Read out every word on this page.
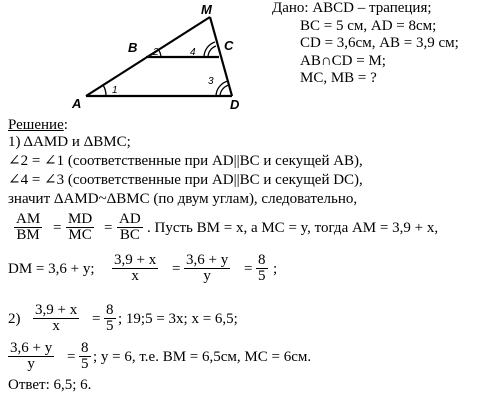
M
B	C
A	D
1
2
3
4
Дано: ABCD – трапеция;
BC = 5 см, AD = 8см;
CD = 3,6см, AB = 3,9 см;
AB∩CD = M;
MC, MB = ?
Решение:
1) ΔAMD и ΔBMC;
∠2 = ∠1 (соответственные при AD||BC и секущей AB),
∠4 = ∠3 (соответственные при AD||BC и секущей DC),
значит ΔAMD~ΔBMC (по двум углам), следовательно,
$\frac{AM}{BM} = \frac{MD}{MC} = \frac{AD}{BC}$ . Пусть BM = x, а MC = y, тогда AM = 3,9 + x,
DM = 3,6 + y; $\frac{3,9 + x}{x} = \frac{3,6 + y}{y} = \frac{8}{5}$ ;
$2) \frac{3,9 + x}{x} = \frac{8}{5}$ ; 19;5 = 3x; x = 6,5;
$\frac{3,6 + y}{y} = \frac{8}{5}$ ; y = 6, т.е. BM = 6,5см, MC = 6см.
Ответ: 6,5; 6.
